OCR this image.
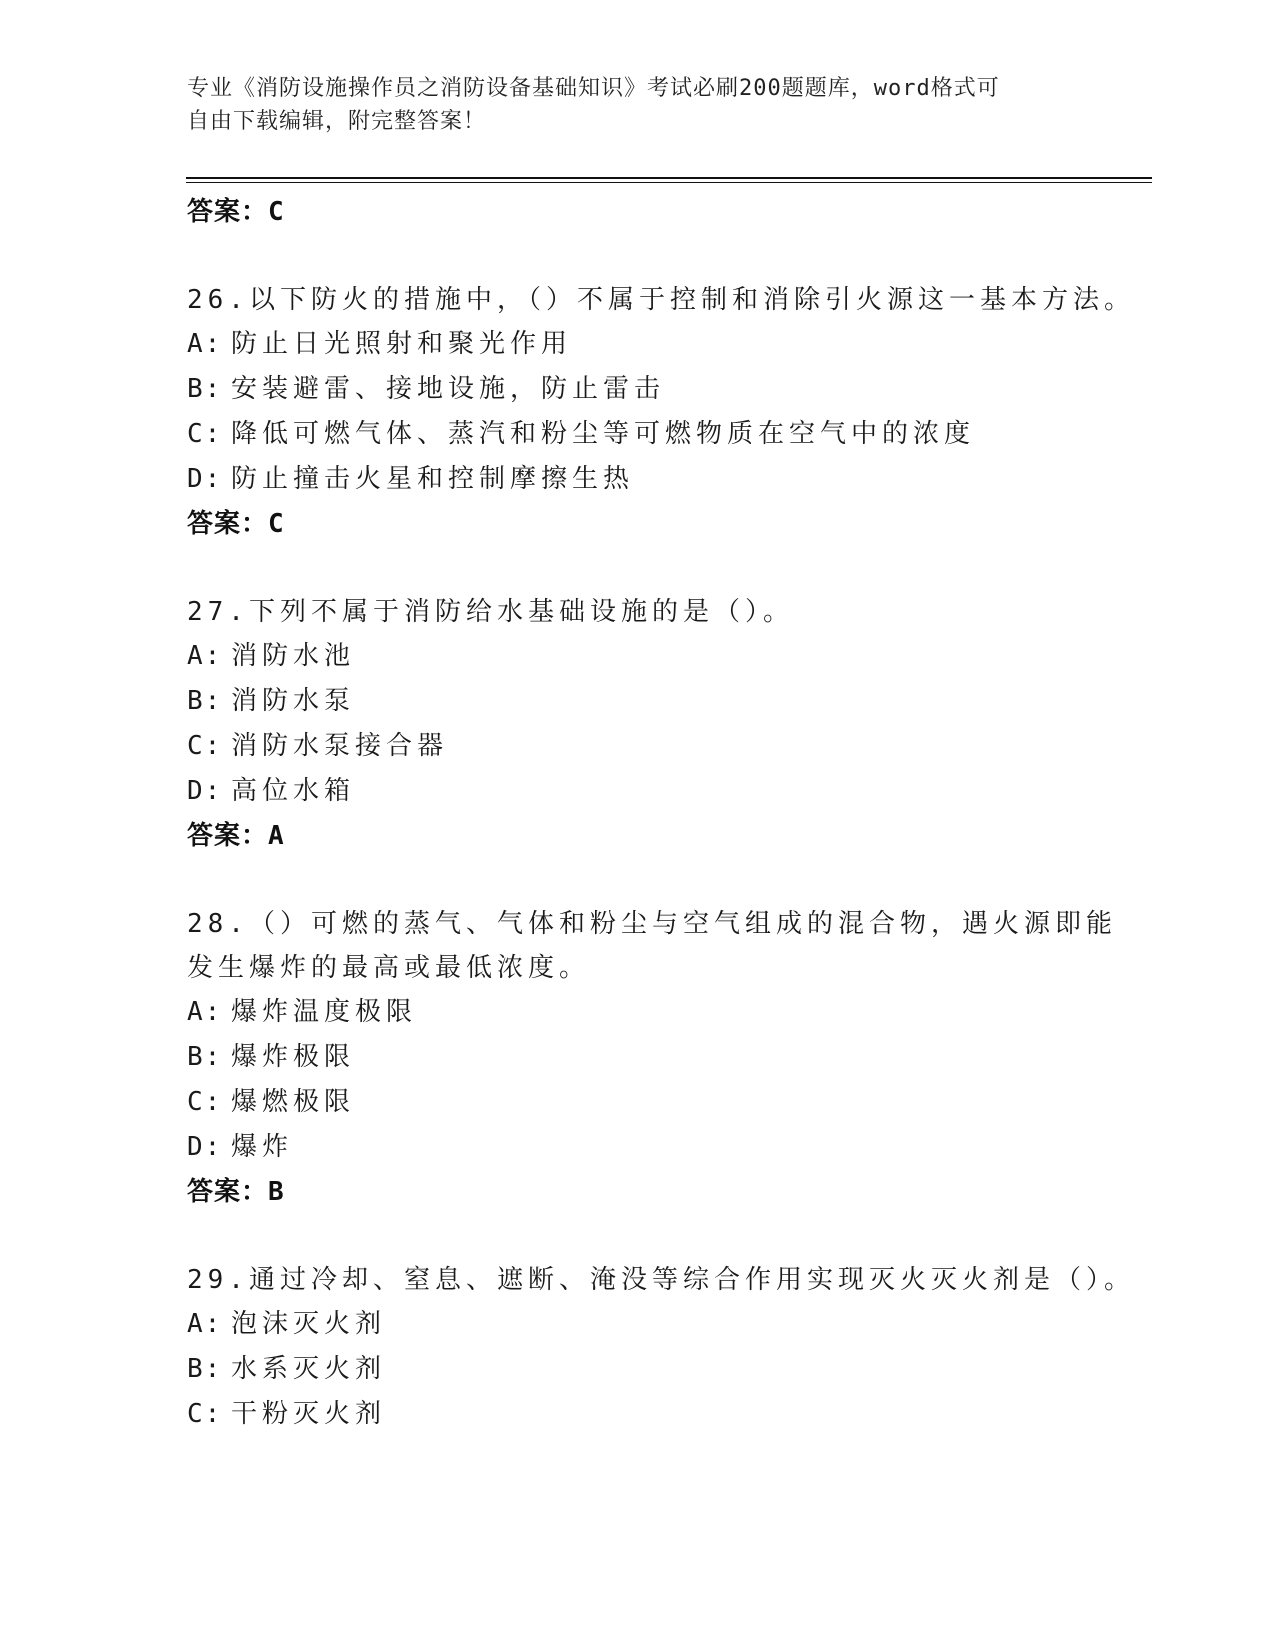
专业《消防设施操作员之消防设备基础知识》考试必刷200题题库，word格式可
自由下载编辑，附完整答案！
答案：C
26.以下防火的措施中，（）不属于控制和消除引火源这一基本方法。
A: 防止日光照射和聚光作用
B: 安装避雷、接地设施，防止雷击
C: 降低可燃气体、蒸汽和粉尘等可燃物质在空气中的浓度
D: 防止撞击火星和控制摩擦生热
答案：C
27.下列不属于消防给水基础设施的是（）。
A: 消防水池
B: 消防水泵
C: 消防水泵接合器
D: 高位水箱
答案：A
28.（）可燃的蒸气、气体和粉尘与空气组成的混合物，遇火源即能发生爆炸的最高或最低浓度。
A: 爆炸温度极限
B: 爆炸极限
C: 爆燃极限
D: 爆炸
答案：B
29.通过冷却、窒息、遮断、淹没等综合作用实现灭火灭火剂是（）。
A: 泡沫灭火剂
B: 水系灭火剂
C: 干粉灭火剂
